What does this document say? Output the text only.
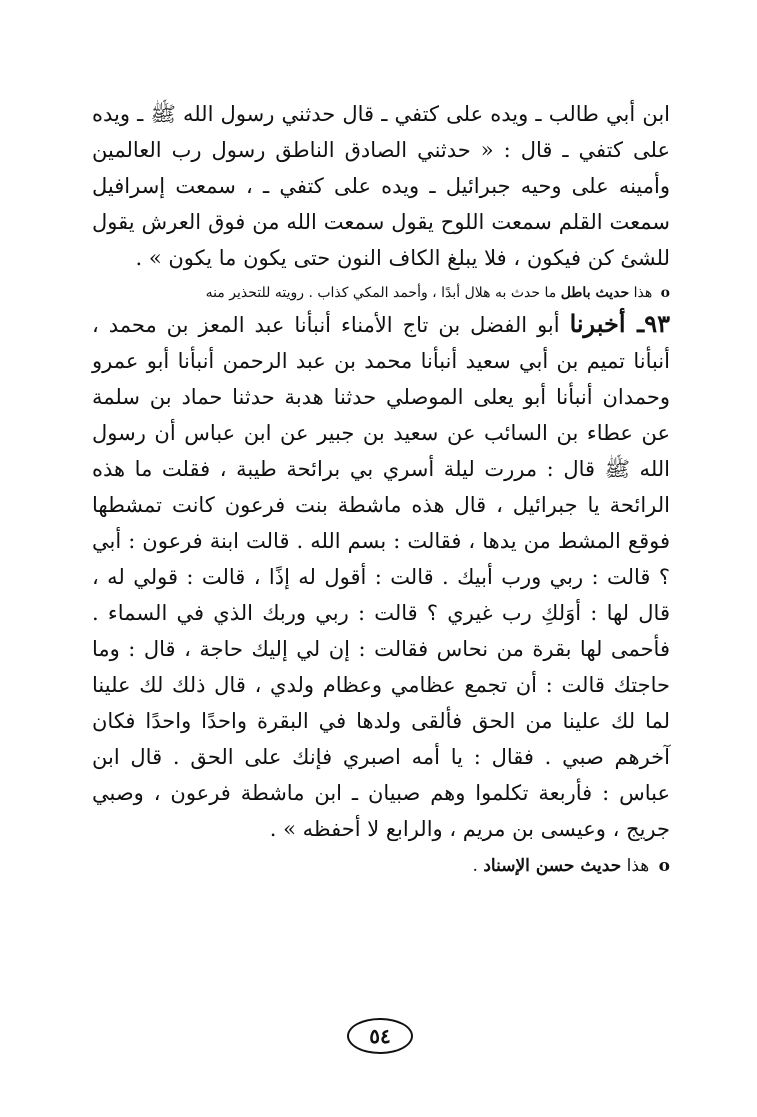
ابن أبي طالب ـ ويده على كتفي ـ قال حدثني رسول الله ﷺ ـ ويده على كتفي ـ قال : « حدثني الصادق الناطق رسول رب العالمين وأمينه على وحيه جبرائيل ـ ويده على كتفي ـ ، سمعت إسرافيل سمعت القلم سمعت اللوح يقول سمعت الله من فوق العرش يقول للشئ كن فيكون ، فلا يبلغ الكاف النون حتى يكون ما يكون » .

o هذا حديث باطل ما حدث به هلال أبدًا ، وأحمد المكي كذاب . رويته للتحذير منه

٩٣ـ أخبرنا أبو الفضل بن تاج الأمناء أنبأنا عبد المعز بن محمد ، أنبأنا تميم بن أبي سعيد أنبأنا محمد بن عبد الرحمن أنبأنا أبو عمرو وحمدان أنبأنا أبو يعلى الموصلي حدثنا هدبة حدثنا حماد بن سلمة عن عطاء بن السائب عن سعيد بن جبير عن ابن عباس أن رسول الله ﷺ قال : مررت ليلة أسري بي برائحة طيبة ، فقلت ما هذه الرائحة يا جبرائيل ، قال هذه ماشطة بنت فرعون كانت تمشطها فوقع المشط من يدها ، فقالت : بسم الله . قالت ابنة فرعون : أبي ؟ قالت : ربي ورب أبيك . قالت : أقول له إذًا ، قالت : قولي له ، قال لها : أوَلكِ رب غيري ؟ قالت : ربي وربك الذي في السماء . فأحمى لها بقرة من نحاس فقالت : إن لي إليك حاجة ، قال : وما حاجتك قالت : أن تجمع عظامي وعظام ولدي ، قال ذلك لك علينا لما لك علينا من الحق فألقى ولدها في البقرة واحدًا واحدًا فكان آخرهم صبي . فقال : يا أمه اصبري فإنك على الحق . قال ابن عباس : فأربعة تكلموا وهم صبيان ـ ابن ماشطة فرعون ، وصبي جريج ، وعيسى بن مريم ، والرابع لا أحفظه » .

o هذا حديث حسن الإسناد .

٥٤
